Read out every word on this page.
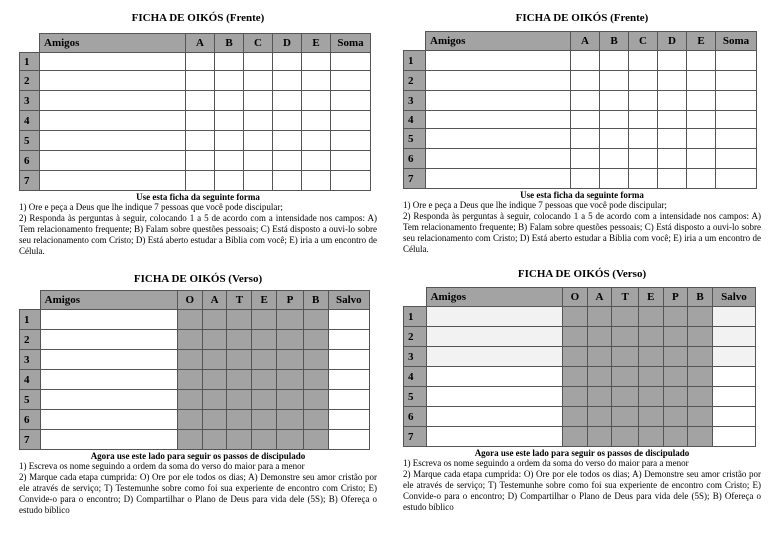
FICHA DE OIKÓS (Frente)
	Amigos	A	B	C	D	E	Soma
1							
2							
3							
4							
5							
6							
7							
Use esta ficha da seguinte forma

1) Ore e peça a Deus que lhe indique 7 pessoas que você pode discipular;

2) Responda às perguntas à seguir, colocando 1 a 5 de acordo com a intensidade nos campos: A) Tem relacionamento frequente; B) Falam sobre questões pessoais; C) Está disposto a ouvi-lo sobre seu relacionamento com Cristo; D) Está aberto estudar a Bíblia com você; E) iria a um encontro de Célula.

FICHA DE OIKÓS (Frente)
	Amigos	A	B	C	D	E	Soma
1							
2							
3							
4							
5							
6							
7							
Use esta ficha da seguinte forma

1) Ore e peça a Deus que lhe indique 7 pessoas que você pode discipular;

2) Responda às perguntas à seguir, colocando 1 a 5 de acordo com a intensidade nos campos: A) Tem relacionamento frequente; B) Falam sobre questões pessoais; C) Está disposto a ouvi-lo sobre seu relacionamento com Cristo; D) Está aberto estudar a Bíblia com você; E) iria a um encontro de Célula.

FICHA DE OIKÓS (Verso)
	Amigos	O	A	T	E	P	B	Salvo
1								
2								
3								
4								
5								
6								
7								
Agora use este lado para seguir os passos de discipulado

1) Escreva os nome seguindo a ordem da soma do verso do maior para a menor

2) Marque cada etapa cumprida: O) Ore por ele todos os dias; A) Demonstre seu amor cristão por ele através de serviço; T) Testemunhe sobre como foi sua experiente de encontro com Cristo; E) Convide-o para o encontro; D) Compartilhar o Plano de Deus para vida dele (5S); B) Ofereça o estudo bíblico

FICHA DE OIKÓS (Verso)
	Amigos	O	A	T	E	P	B	Salvo
1								
2								
3								
4								
5								
6								
7								
Agora use este lado para seguir os passos de discipulado

1) Escreva os nome seguindo a ordem da soma do verso do maior para a menor

2) Marque cada etapa cumprida: O) Ore por ele todos os dias; A) Demonstre seu amor cristão por ele através de serviço; T) Testemunhe sobre como foi sua experiente de encontro com Cristo; E) Convide-o para o encontro; D) Compartilhar o Plano de Deus para vida dele (5S); B) Ofereça o estudo bíblico
